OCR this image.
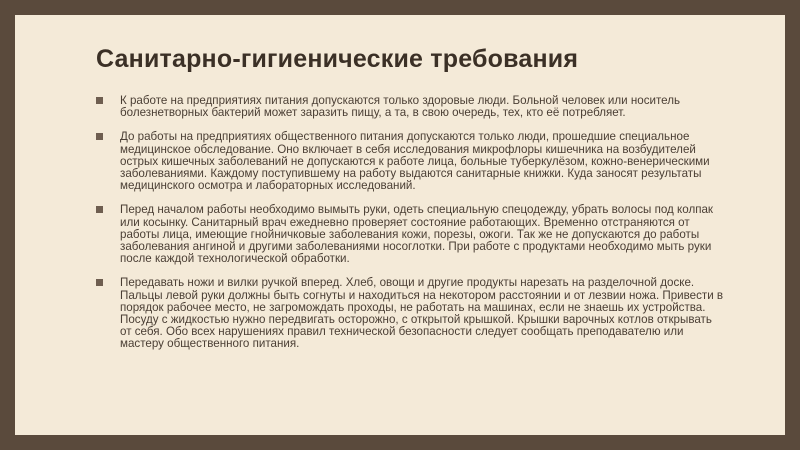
К работе на предприятиях питания допускаются только здоровые люди. Больной человек или носитель болезнетворных бактерий может заразить пищу, а та, в свою очередь, тех, кто её потребляет.
До работы на предприятиях общественного питания допускаются только люди, прошедшие специальное медицинское обследование. Оно включает в себя исследования микрофлоры кишечника на возбудителей острых кишечных заболеваний не допускаются к работе лица, больные туберкулёзом, кожно-венерическими заболеваниями. Каждому поступившему на работу выдаются санитарные книжки. Куда заносят результаты медицинского осмотра и лабораторных исследований.
Перед началом работы необходимо вымыть руки, одеть специальную спецодежду, убрать волосы под колпак или косынку. Санитарный врач ежедневно проверяет состояние работающих. Временно отстраняются от работы лица, имеющие гнойничковые заболевания кожи, порезы, ожоги. Так же не допускаются до работы заболевания ангиной и другими заболеваниями носоглотки. При работе с продуктами необходимо мыть руки после каждой технологической обработки.
Передавать ножи и вилки ручкой вперед. Хлеб, овощи и другие продукты нарезать на разделочной доске. Пальцы левой руки должны быть согнуты и находиться на некотором расстоянии и от лезвии ножа. Привести в порядок рабочее место, не загромождать проходы, не работать на машинах, если не знаешь их устройства. Посуду с жидкостью нужно передвигать осторожно, с открытой крышкой. Крышки варочных котлов открывать от себя. Обо всех нарушениях правил технической безопасности следует сообщать преподавателю или мастеру общественного питания.
Санитарно-гигиенические требования
